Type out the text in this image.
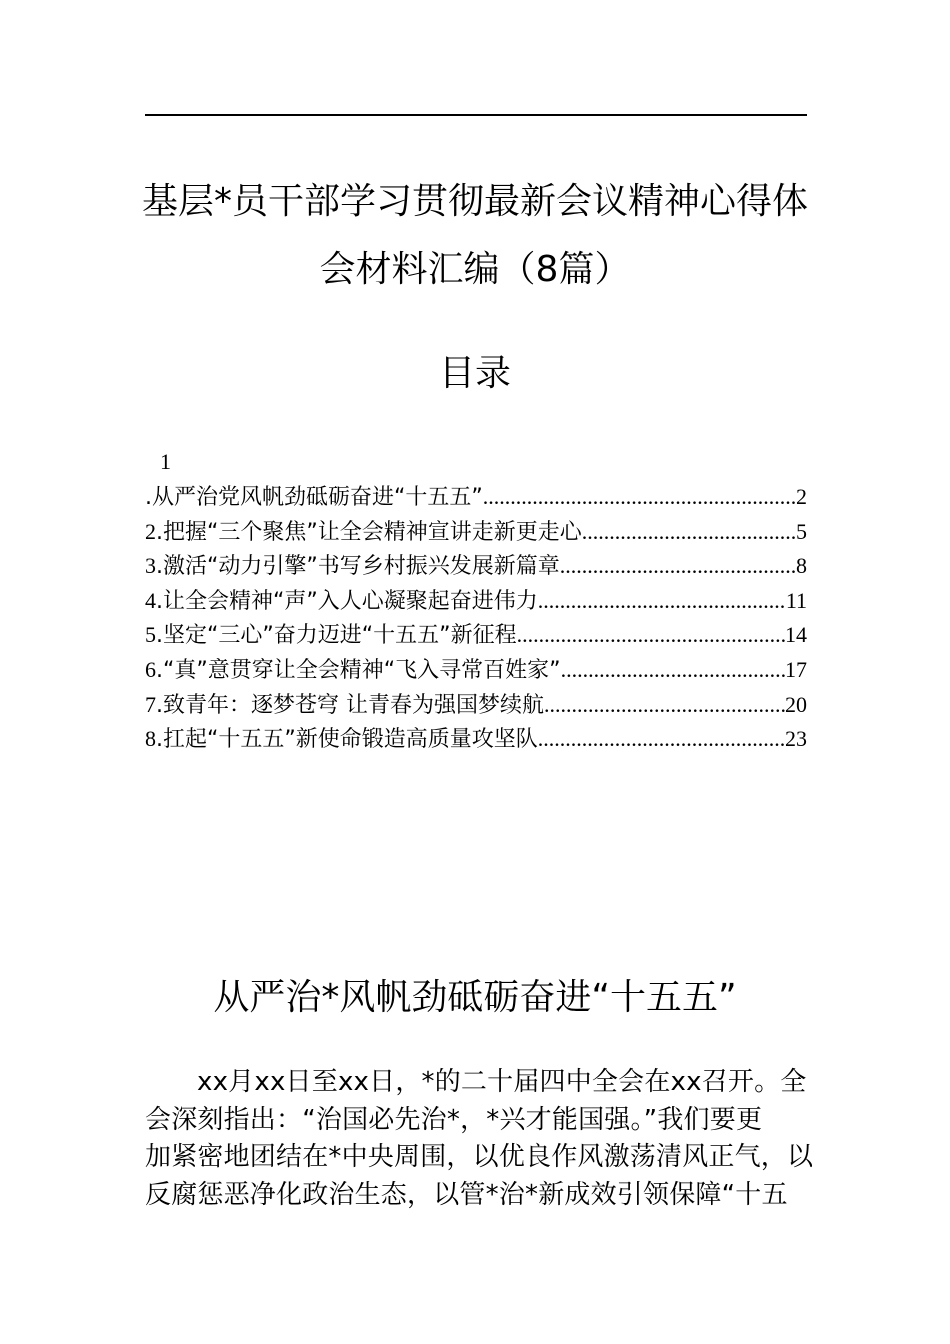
基层*员干部学习贯彻最新会议精神心得体
会材料汇编（8篇）
目录
1
.从严治党风帆劲砥砺奋进“十五五” .....	2
2.把握“三个聚焦”让全会精神宣讲走新更走心 .....	5
3.激活“动力引擎”书写乡村振兴发展新篇章 .....	8
4.让全会精神“声”入人心凝聚起奋进伟力 .....	11
5.坚定“三心”奋力迈进“十五五”新征程 .....	14
6.“真”意贯穿让全会精神“飞入寻常百姓家” .....	17
7.致青年：逐梦苍穹 让青春为强国梦续航 .....	20
8.扛起“十五五”新使命锻造高质量攻坚队 .....	23
从严治*风帆劲砥砺奋进“十五五”
xx月xx日至xx日，*的二十届四中全会在xx召开。全
会深刻指出：“治国必先治*，*兴才能国强。”我们要更
加紧密地团结在*中央周围，以优良作风激荡清风正气，以
反腐惩恶净化政治生态，以管*治*新成效引领保障“十五
